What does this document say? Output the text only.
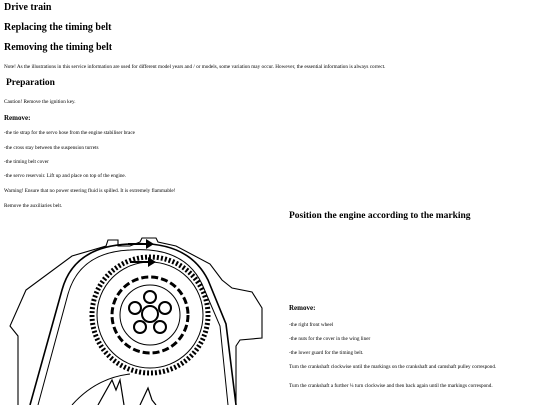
Drive train
Replacing the timing belt
Removing the timing belt
Note! As the illustrations in this service information are used for different model years and / or models, some variation may occur. However, the essential information is always correct.
Preparation
Caution! Remove the ignition key.
Remove:
-the tie strap for the servo hose from the engine stabiliser brace
-the cross stay between the suspension turrets
-the timing belt cover
-the servo reservoir. Lift up and place on top of the engine.
Warning! Ensure that no power steering fluid is spilled. It is extremely flammable!
Remove the auxiliaries belt.
Position the engine according to the marking
Remove:
-the right front wheel
-the nuts for the cover in the wing liner
-the lower guard for the timing belt.
Turn the crankshaft clockwise until the markings on the crankshaft and camshaft pulley correspond.
Turn the crankshaft a further ¼ turn clockwise and then back again until the markings correspond.
